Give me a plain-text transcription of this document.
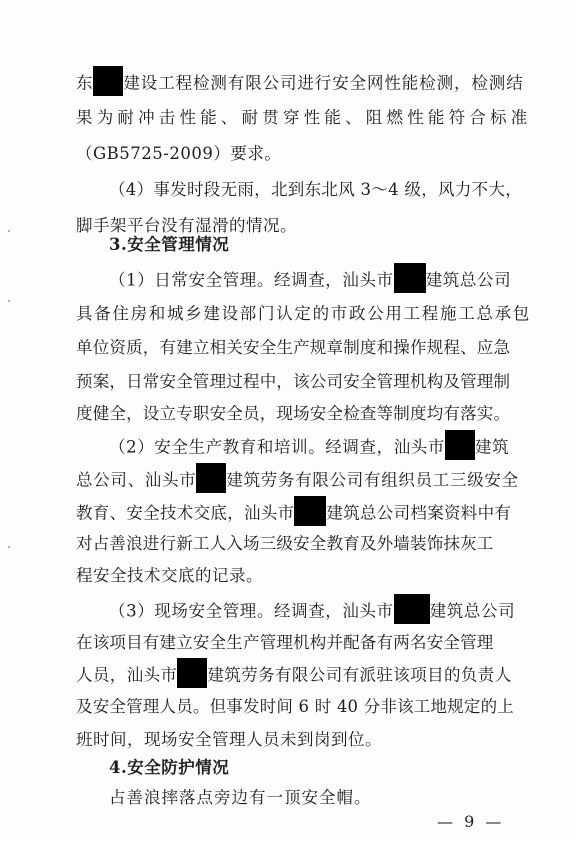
东 建设工程检测有限公司进行安全网性能检测，检测结
果为耐冲击性能、耐贯穿性能、阻燃性能符合标准
（GB5725-2009）要求。
（4）事发时段无雨，北到东北风 3～4 级，风力不大，
脚手架平台没有湿滑的情况。
3.安全管理情况
（1）日常安全管理。经调查，汕头市 建筑总公司
具备住房和城乡建设部门认定的市政公用工程施工总承包
单位资质，有建立相关安全生产规章制度和操作规程、应急
预案，日常安全管理过程中，该公司安全管理机构及管理制
度健全，设立专职安全员，现场安全检查等制度均有落实。
（2）安全生产教育和培训。经调查，汕头市 建筑
总公司、汕头市 建筑劳务有限公司有组织员工三级安全
教育、安全技术交底，汕头市 建筑总公司档案资料中有
对占善浪进行新工人入场三级安全教育及外墙装饰抹灰工
程安全技术交底的记录。
（3）现场安全管理。经调查，汕头市 建筑总公司
在该项目有建立安全生产管理机构并配备有两名安全管理
人员，汕头市 建筑劳务有限公司有派驻该项目的负责人
及安全管理人员。但事发时间 6 时 40 分非该工地规定的上
班时间，现场安全管理人员未到岗到位。
4.安全防护情况
占善浪摔落点旁边有一顶安全帽。
— 9 —
